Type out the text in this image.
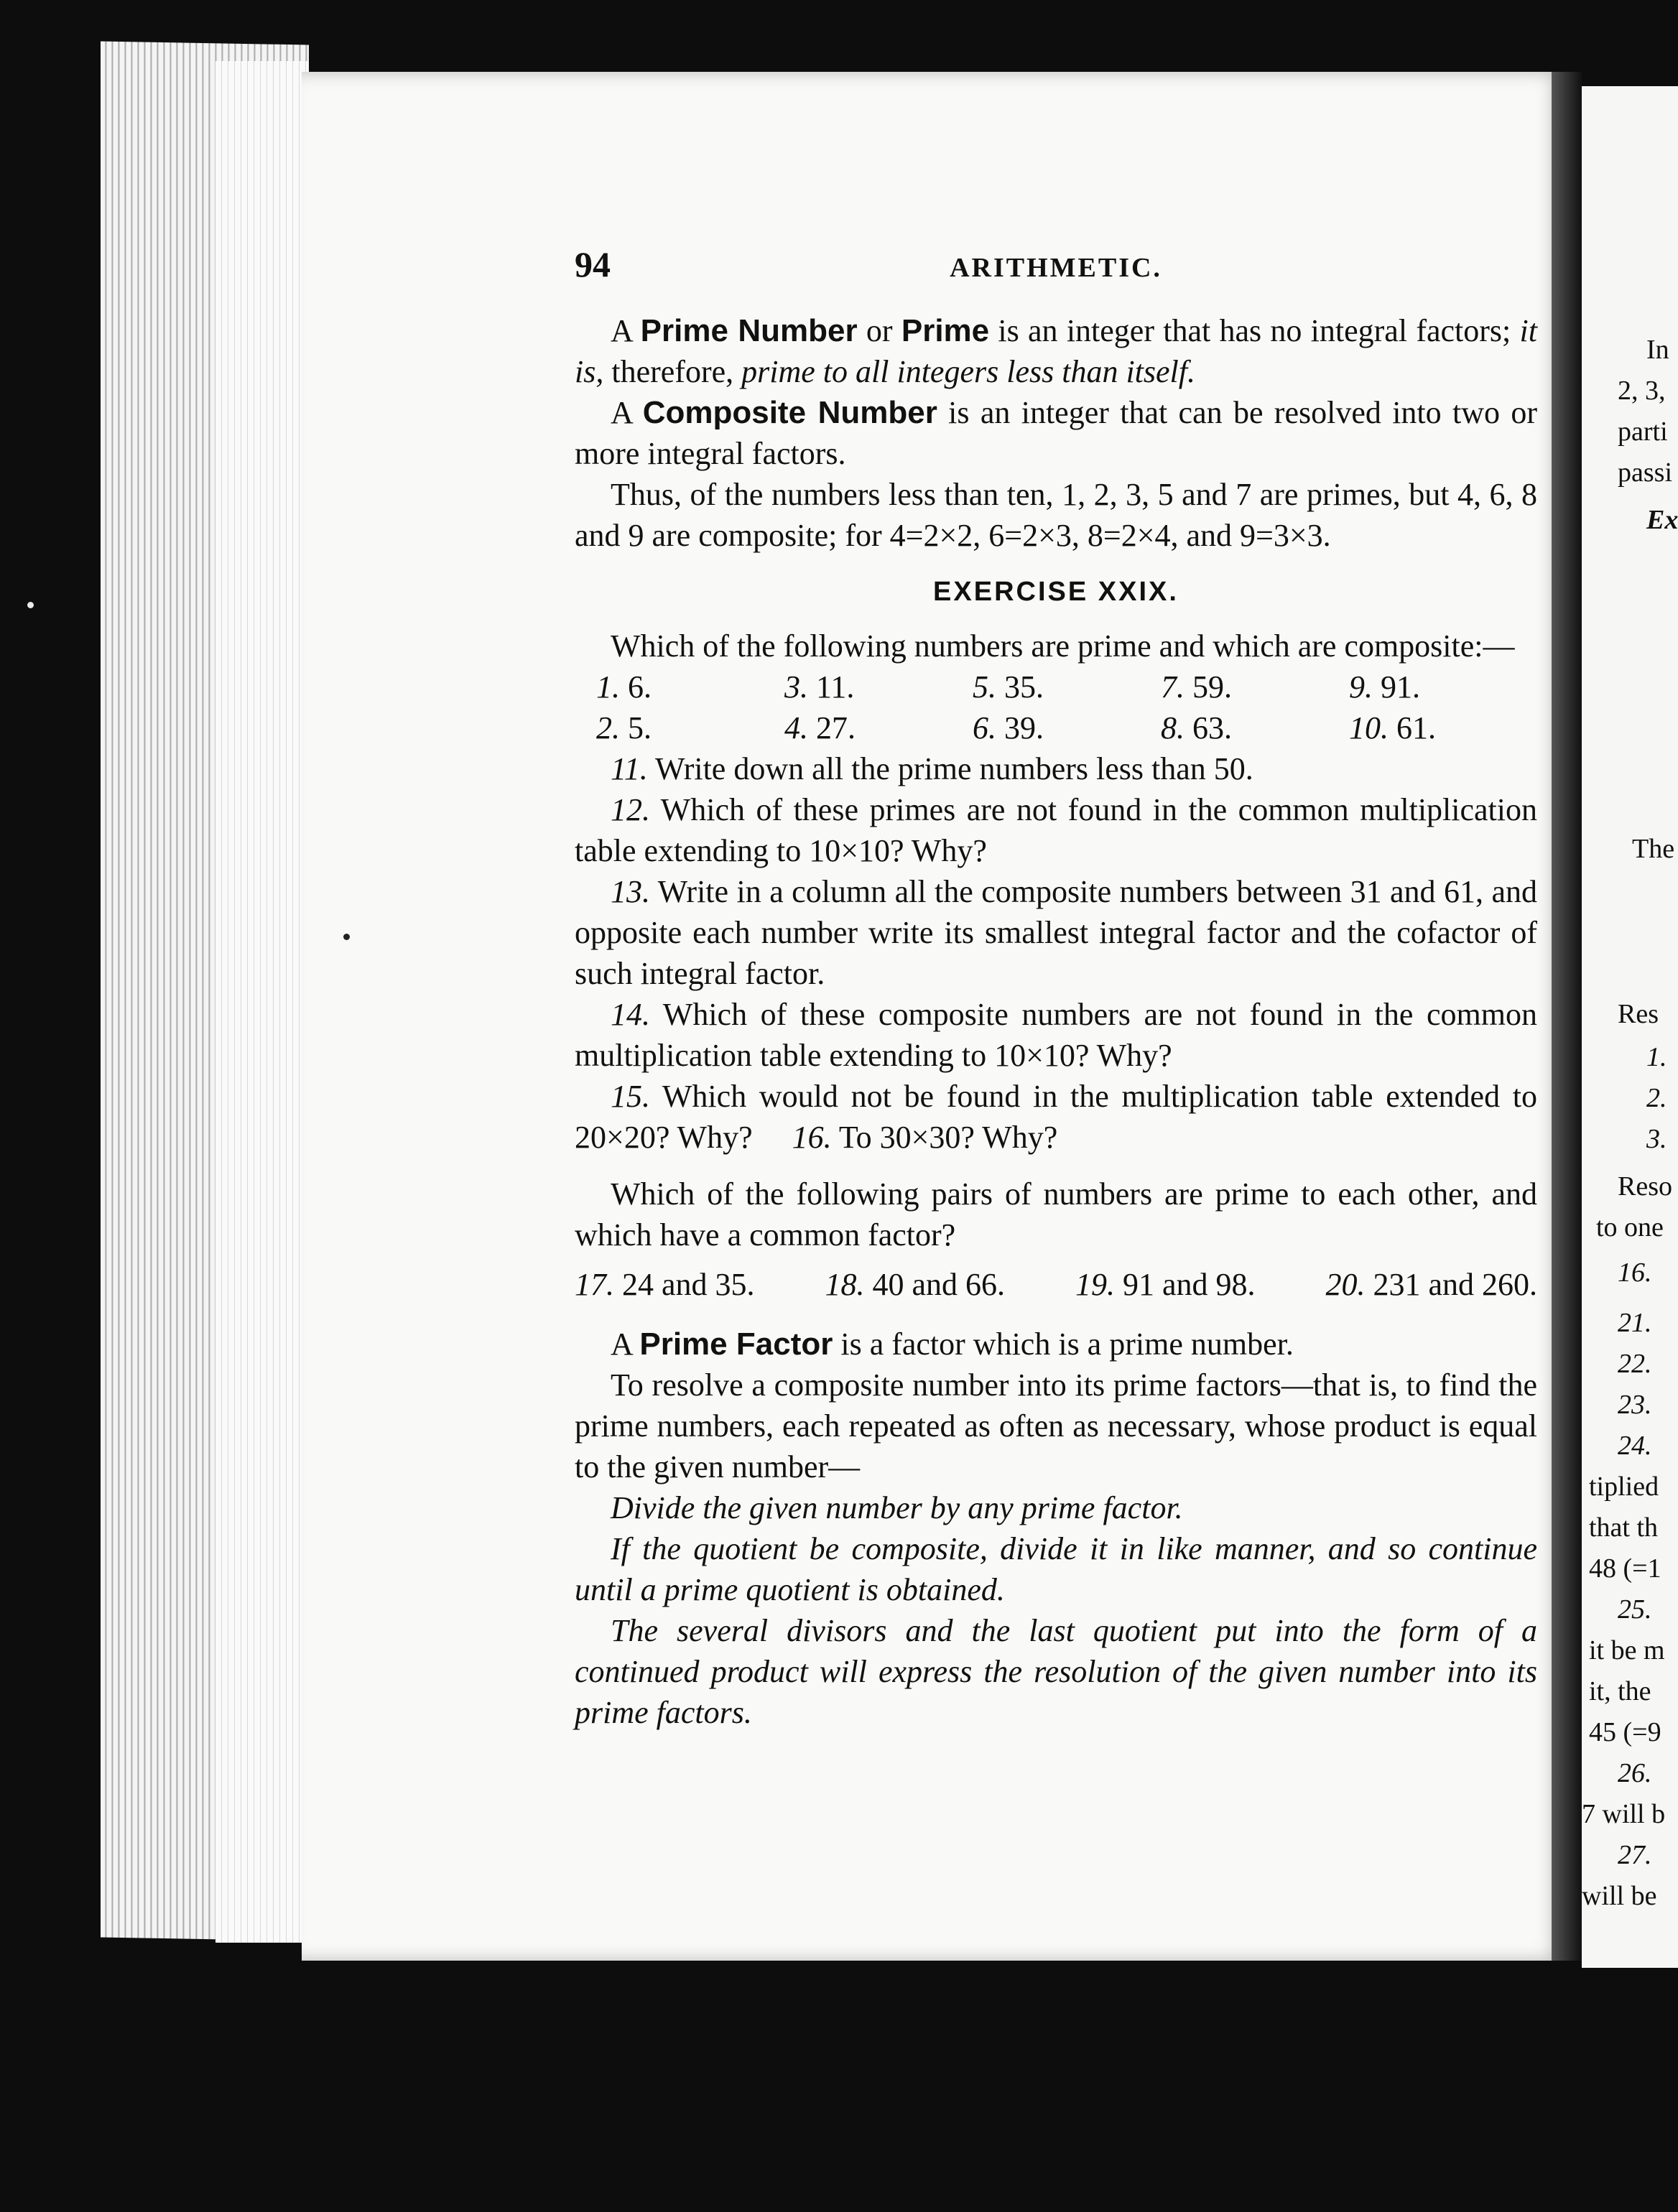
In
2, 3,
parti
passi
Ex
The
Res
1.
2.
3.
Reso
to one
16.
21.
22.
23.
24.
tiplied
that th
48 (=1
25.
it be m
it, the
45 (=9
26.
7 will b
27.
will be
94	ARITHMETIC.

A Prime Number or Prime is an integer that has no integral factors; it is, therefore, prime to all integers less than itself.

A Composite Number is an integer that can be resolved into two or more integral factors.

Thus, of the numbers less than ten, 1, 2, 3, 5 and 7 are primes, but 4, 6, 8 and 9 are composite; for 4=2×2, 6=2×3, 8=2×4, and 9=3×3.

EXERCISE XXIX.

Which of the following numbers are prime and which are composite:—

1. 6.	3. 11.	5. 35.	7. 59.	9. 91.
2. 5.	4. 27.	6. 39.	8. 63.	10. 61.

11. Write down all the prime numbers less than 50.

12. Which of these primes are not found in the common multiplication table extending to 10×10? Why?

13. Write in a column all the composite numbers between 31 and 61, and opposite each number write its smallest integral factor and the cofactor of such integral factor.

14. Which of these composite numbers are not found in the common multiplication table extending to 10×10? Why?

15. Which would not be found in the multiplication table extended to 20×20? Why? 16. To 30×30? Why?

Which of the following pairs of numbers are prime to each other, and which have a common factor?

17. 24 and 35. 18. 40 and 66. 19. 91 and 98. 20. 231 and 260.

A Prime Factor is a factor which is a prime number.

To resolve a composite number into its prime factors—that is, to find the prime numbers, each repeated as often as necessary, whose product is equal to the given number—

Divide the given number by any prime factor.

If the quotient be composite, divide it in like manner, and so continue until a prime quotient is obtained.

The several divisors and the last quotient put into the form of a continued product will express the resolution of the given number into its prime factors.
